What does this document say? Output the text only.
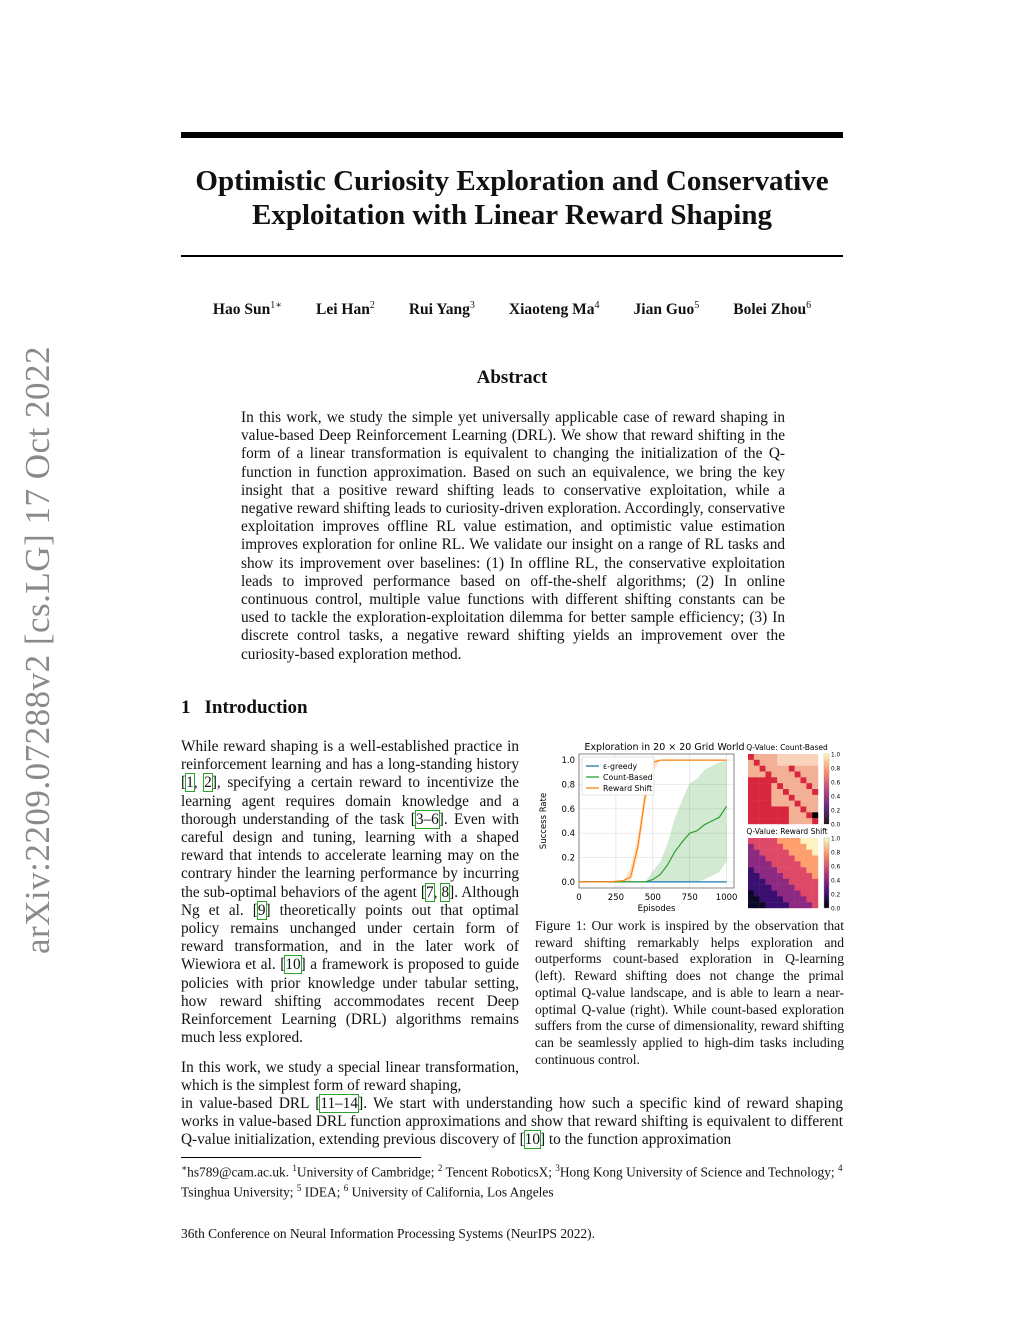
arXiv:2209.07288v2 [cs.LG] 17 Oct 2022
Optimistic Curiosity Exploration and Conservative Exploitation with Linear Reward Shaping
Hao Sun$^{1∗}$ Lei Han$^2$ Rui Yang$^3$ Xiaoteng Ma$^4$ Jian Guo$^5$ Bolei Zhou$^6$
Abstract
In this work, we study the simple yet universally applicable case of reward shaping in value-based Deep Reinforcement Learning (DRL). We show that reward shifting in the form of a linear transformation is equivalent to changing the initialization of the Q-function in function approximation. Based on such an equivalence, we bring the key insight that a positive reward shifting leads to conservative exploitation, while a negative reward shifting leads to curiosity-driven exploration. Accordingly, conservative exploitation improves offline RL value estimation, and optimistic value estimation improves exploration for online RL. We validate our insight on a range of RL tasks and show its improvement over baselines: (1) In offline RL, the conservative exploitation leads to improved performance based on off-the-shelf algorithms; (2) In online continuous control, multiple value functions with different shifting constants can be used to tackle the exploration-exploitation dilemma for better sample efficiency; (3) In discrete control tasks, a negative reward shifting yields an improvement over the curiosity-based exploration method.
1 Introduction
While reward shaping is a well-established practice in reinforcement learning and has a long-standing history [1, 2], specifying a certain reward to incentivize the learning agent requires domain knowledge and a thorough understanding of the task [3–6]. Even with careful design and tuning, learning with a shaped reward that intends to accelerate learning may on the contrary hinder the learning performance by incurring the sub-optimal behaviors of the agent [7, 8]. Although Ng et al. [9] theoretically points out that optimal policy remains unchanged under certain form of reward transformation, and in the later work of Wiewiora et al. [10] a framework is proposed to guide policies with prior knowledge under tabular setting, how reward shifting accommodates recent Deep Reinforcement Learning (DRL) algorithms remains much less explored.
In this work, we study a special linear transformation, which is the simplest form of reward shaping,
in value-based DRL [11–14]. We start with understanding how such a specific kind of reward shaping works in value-based DRL function approximations and show that reward shifting is equivalent to different Q-value initialization, extending previous discovery of [10] to the function approximation
Exploration in 20 × 20 Grid World
0.0
0.2
0.4
0.6
0.8
1.0
0	250 500 750 1000
Episodes
Success Rate
ε-greedy
Count-Based
Reward Shift
Q-Value: Count-Based
0.0
0.2
0.4
0.6
0.8
1.0
Q-Value: Reward Shift
0.0
0.2
0.4
0.6
0.8
1.0
Figure 1: Our work is inspired by the observation that reward shifting remarkably helps exploration and outperforms count-based exploration in Q-learning (left). Reward shifting does not change the primal optimal Q-value landscape, and is able to learn a near-optimal Q-value (right). While count-based exploration suffers from the curse of dimensionality, reward shifting can be seamlessly applied to high-dim tasks including continuous control.
∗hs789@cam.ac.uk. $^1$University of Cambridge; $^2$ Tencent RoboticsX; $^3$Hong Kong University of Science and Technology; $^4$ Tsinghua University; $^5$ IDEA; $^6$ University of California, Los Angeles
36th Conference on Neural Information Processing Systems (NeurIPS 2022).
